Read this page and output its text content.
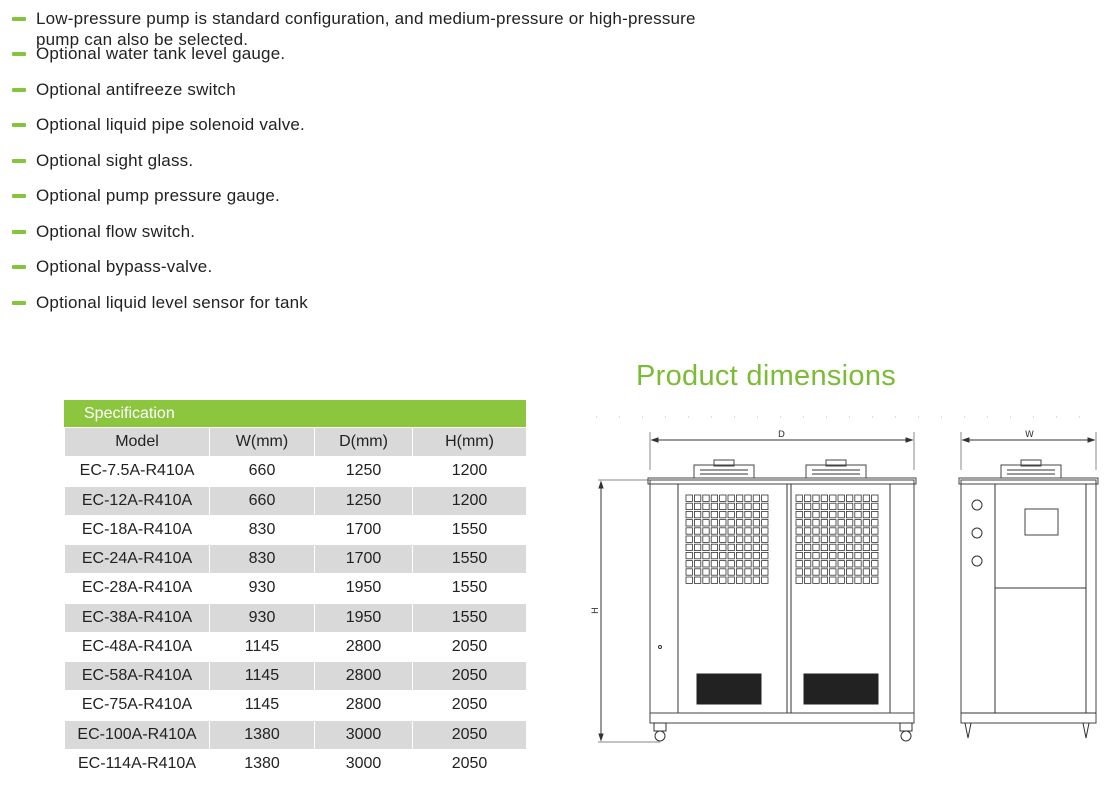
Low-pressure pump is standard configuration, and medium-pressure or high-pressure pump can also be selected.
Optional water tank level gauge.
Optional antifreeze switch
Optional liquid pipe solenoid valve.
Optional sight glass.
Optional pump pressure gauge.
Optional flow switch.
Optional bypass-valve.
Optional liquid level sensor for tank
Product dimensions
Specification
Model	W(mm)	D(mm)	H(mm)
EC-7.5A-R410A	660	1250	1200
EC-12A-R410A	660	1250	1200
EC-18A-R410A	830	1700	1550
EC-24A-R410A	830	1700	1550
EC-28A-R410A	930	1950	1550
EC-38A-R410A	930	1950	1550
EC-48A-R410A	1145	2800	2050
EC-58A-R410A	1145	2800	2050
EC-75A-R410A	1145	2800	2050
EC-100A-R410A	1380	3000	2050
EC-114A-R410A	1380	3000	2050
D	W
H
